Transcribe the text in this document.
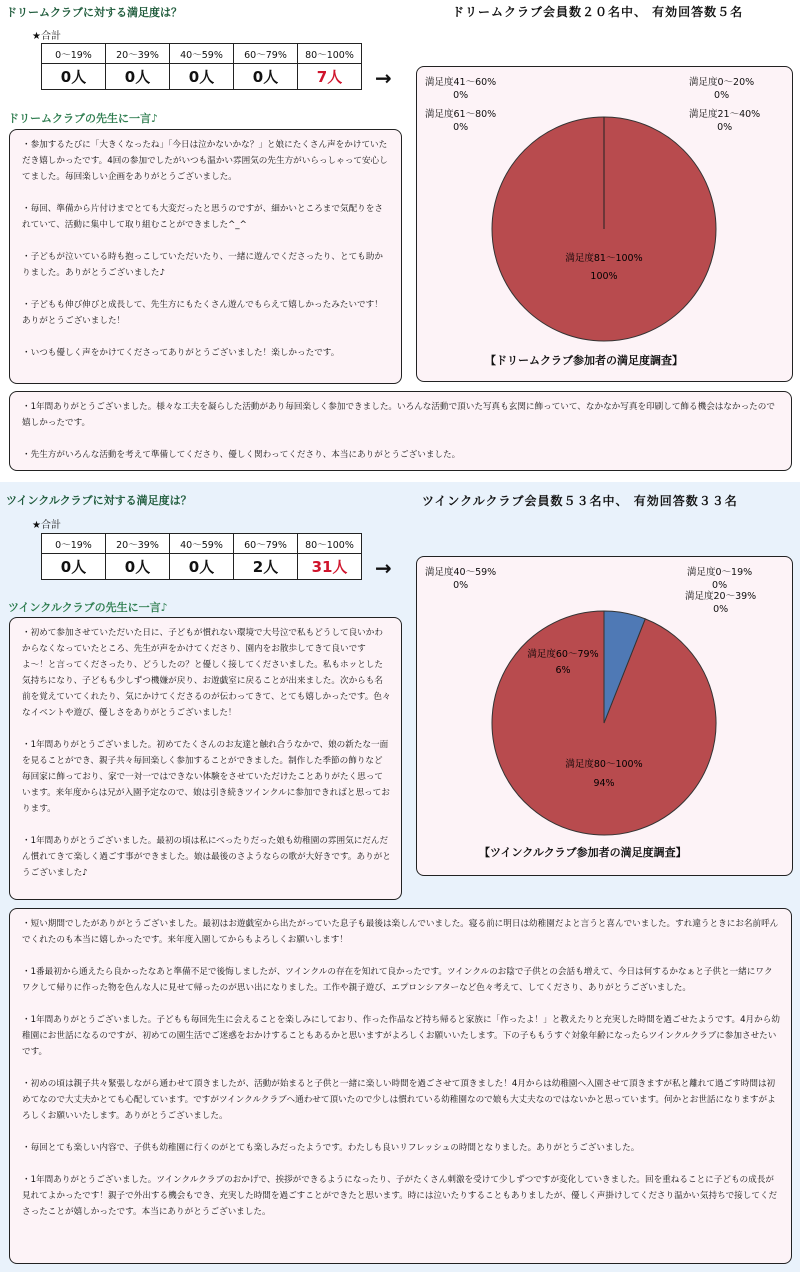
ドリームクラブに対する満足度は？	ドリームクラブ会員数２０名中、 有効回答数５名
★合計
0～19%	20～39%	40～59%	60～79%	80～100%
0人	0人	0人	0人	7人 →
ドリームクラブの先生に一言♪

・参加するたびに「大きくなったね」「今日は泣かないかな？」と娘にたくさん声をかけていただき嬉しかったです。4回の参加でしたがいつも温かい雰囲気の先生方がいらっしゃって安心してました。毎回楽しい企画をありがとうございました。

・毎回、準備から片付けまでとても大変だったと思うのですが、細かいところまで気配りをされていて、活動に集中して取り組むことができました^_^

・子どもが泣いている時も抱っこしていただいたり、一緒に遊んでくださったり、とても助かりました。ありがとうございました♪

・子どもも伸び伸びと成長して、先生方にもたくさん遊んでもらえて嬉しかったみたいです！ありがとうございました！

・いつも優しく声をかけてくださってありがとうございました！楽しかったです。

満足度41～60%
0%
満足度61～80%
0%
満足度0～20%
0%
満足度21～40%
0%
満足度81～100%
100%
【ドリームクラブ参加者の満足度調査】

・1年間ありがとうございました。様々な工夫を凝らした活動があり毎回楽しく参加できました。いろんな活動で頂いた写真も玄関に飾っていて、なかなか写真を印刷して飾る機会はなかったので嬉しかったです。

・先生方がいろんな活動を考えて準備してくださり、優しく関わってくださり、本当にありがとうございました。

ツインクルクラブに対する満足度は？	ツインクルクラブ会員数５３名中、 有効回答数３３名
★合計
0～19%	20～39%	40～59%	60～79%	80～100%
0人	0人	0人	2人	31人 →
ツインクルクラブの先生に一言♪

・初めて参加させていただいた日に、子どもが慣れない環境で大号泣で私もどうして良いかわからなくなっていたところ、先生が声をかけてくださり、園内をお散歩してきて良いですよ〜！と言ってくださったり、どうしたの？と優しく接してくださいました。私もホッとした気持ちになり、子どもも少しずつ機嫌が戻り、お遊戯室に戻ることが出来ました。次からも名前を覚えていてくれたり、気にかけてくださるのが伝わってきて、とても嬉しかったです。色々なイベントや遊び、優しさをありがとうございました！

・1年間ありがとうございました。初めてたくさんのお友達と触れ合うなかで、娘の新たな一面を見ることができ、親子共々毎回楽しく参加することができました。制作した季節の飾りなど毎回家に飾っており、家で一対一ではできない体験をさせていただけたことありがたく思っています。来年度からは兄が入園予定なので、娘は引き続きツインクルに参加できればと思っております。

・1年間ありがとうございました。最初の頃は私にべったりだった娘も幼稚園の雰囲気にだんだん慣れてきて楽しく過ごす事ができました。娘は最後のさようならの歌が大好きです。ありがとうございました♪

満足度40～59%
0%
満足度0～19%
0%
満足度20～39%
0%
満足度60～79%
6%
満足度80～100%
94%
【ツインクルクラブ参加者の満足度調査】

・短い期間でしたがありがとうございました。最初はお遊戯室から出たがっていた息子も最後は楽しんでいました。寝る前に明日は幼稚園だよと言うと喜んでいました。すれ違うときにお名前呼んでくれたのも本当に嬉しかったです。来年度入園してからもよろしくお願いします！

・1番最初から通えたら良かったなあと準備不足で後悔しましたが、ツインクルの存在を知れて良かったです。ツインクルのお陰で子供との会話も増えて、今日は何するかなぁと子供と一緒にワクワクして帰りに作った物を色んな人に見せて帰ったのが思い出になりました。工作や親子遊び、エプロンシアターなど色々考えて、してくださり、ありがとうございました。

・1年間ありがとうございました。子どもも毎回先生に会えることを楽しみにしており、作った作品など持ち帰ると家族に「作ったよ！」と教えたりと充実した時間を過ごせたようです。4月から幼稚園にお世話になるのですが、初めての園生活でご迷惑をおかけすることもあるかと思いますがよろしくお願いいたします。下の子ももうすぐ対象年齢になったらツインクルクラブに参加させたいです。

・初めの頃は親子共々緊張しながら通わせて頂きましたが、活動が始まると子供と一緒に楽しい時間を過ごさせて頂きました！4月からは幼稚園へ入園させて頂きますが私と離れて過ごす時間は初めてなので大丈夫かとても心配しています。ですがツインクルクラブへ通わせて頂いたので少しは慣れている幼稚園なので娘も大丈夫なのではないかと思っています。何かとお世話になりますがよろしくお願いいたします。ありがとうございました。

・毎回とても楽しい内容で、子供も幼稚園に行くのがとても楽しみだったようです。わたしも良いリフレッシュの時間となりました。ありがとうございました。

・1年間ありがとうございました。ツインクルクラブのおかげで、挨拶ができるようになったり、子がたくさん刺激を受けて少しずつですが変化していきました。回を重ねることに子どもの成長が見れてよかったです！親子で外出する機会もでき、充実した時間を過ごすことができたと思います。時には泣いたりすることもありましたが、優しく声掛けしてくださり温かい気持ちで接してくださったことが嬉しかったです。本当にありがとうございました。
